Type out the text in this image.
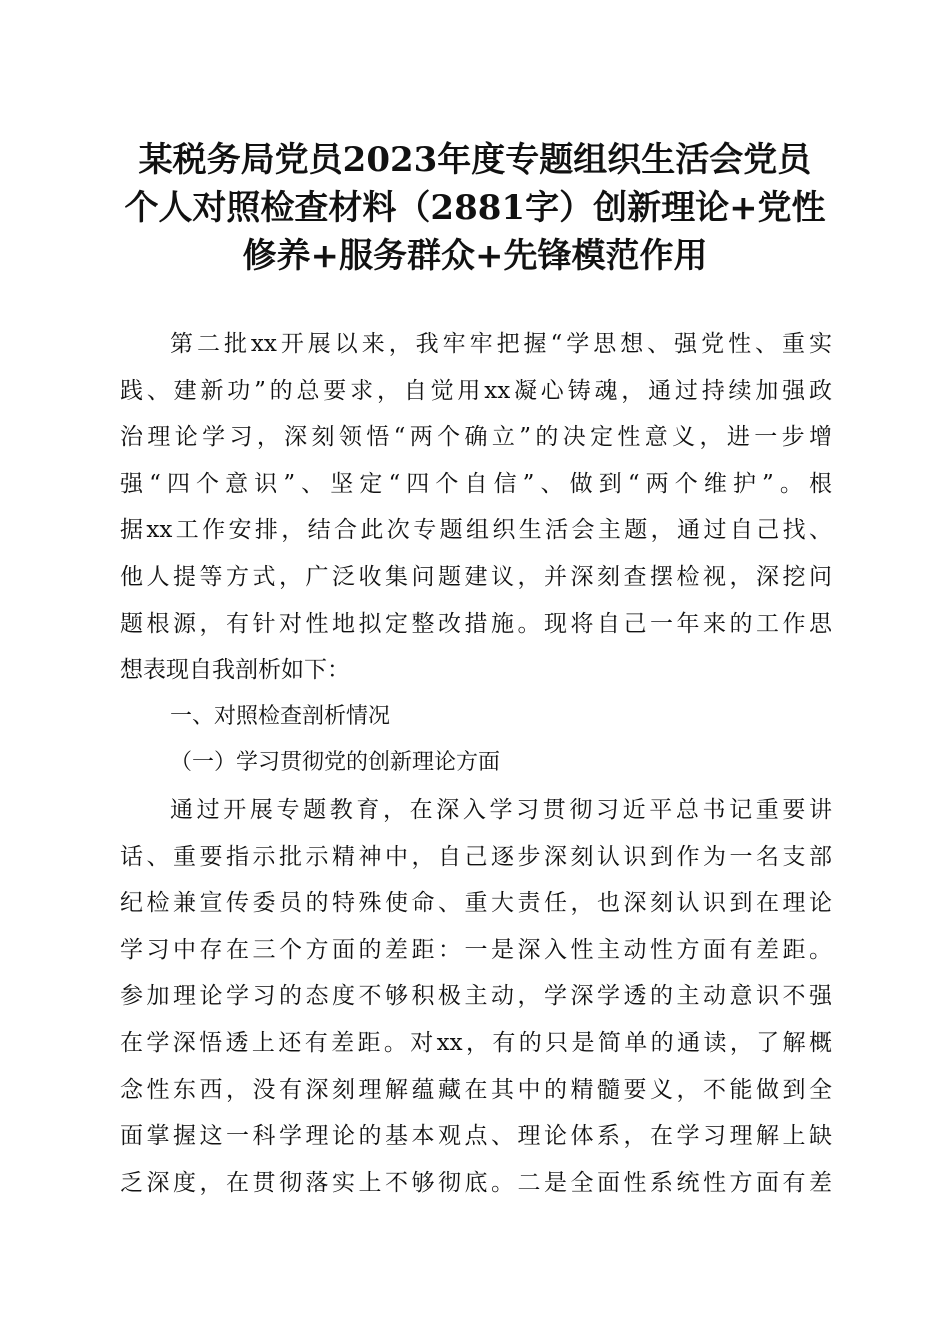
某税务局党员2023年度专题组织生活会党员
个人对照检查材料（2881字）创新理论+党性
修养+服务群众+先锋模范作用
第二批xx开展以来，我牢牢把握“学思想、强党性、重实
践、建新功”的总要求，自觉用xx凝心铸魂，通过持续加强政
治理论学习，深刻领悟“两个确立”的决定性意义，进一步增
强“四个意识”、坚定“四个自信”、做到“两个维护”。根
据xx工作安排，结合此次专题组织生活会主题，通过自己找、
他人提等方式，广泛收集问题建议，并深刻查摆检视，深挖问
题根源，有针对性地拟定整改措施。现将自己一年来的工作思
想表现自我剖析如下：
一、对照检查剖析情况
（一）学习贯彻党的创新理论方面
通过开展专题教育，在深入学习贯彻习近平总书记重要讲
话、重要指示批示精神中，自己逐步深刻认识到作为一名支部
纪检兼宣传委员的特殊使命、重大责任，也深刻认识到在理论
学习中存在三个方面的差距：一是深入性主动性方面有差距。
参加理论学习的态度不够积极主动，学深学透的主动意识不强
在学深悟透上还有差距。对xx，有的只是简单的通读，了解概
念性东西，没有深刻理解蕴藏在其中的精髓要义，不能做到全
面掌握这一科学理论的基本观点、理论体系，在学习理解上缺
乏深度，在贯彻落实上不够彻底。二是全面性系统性方面有差
